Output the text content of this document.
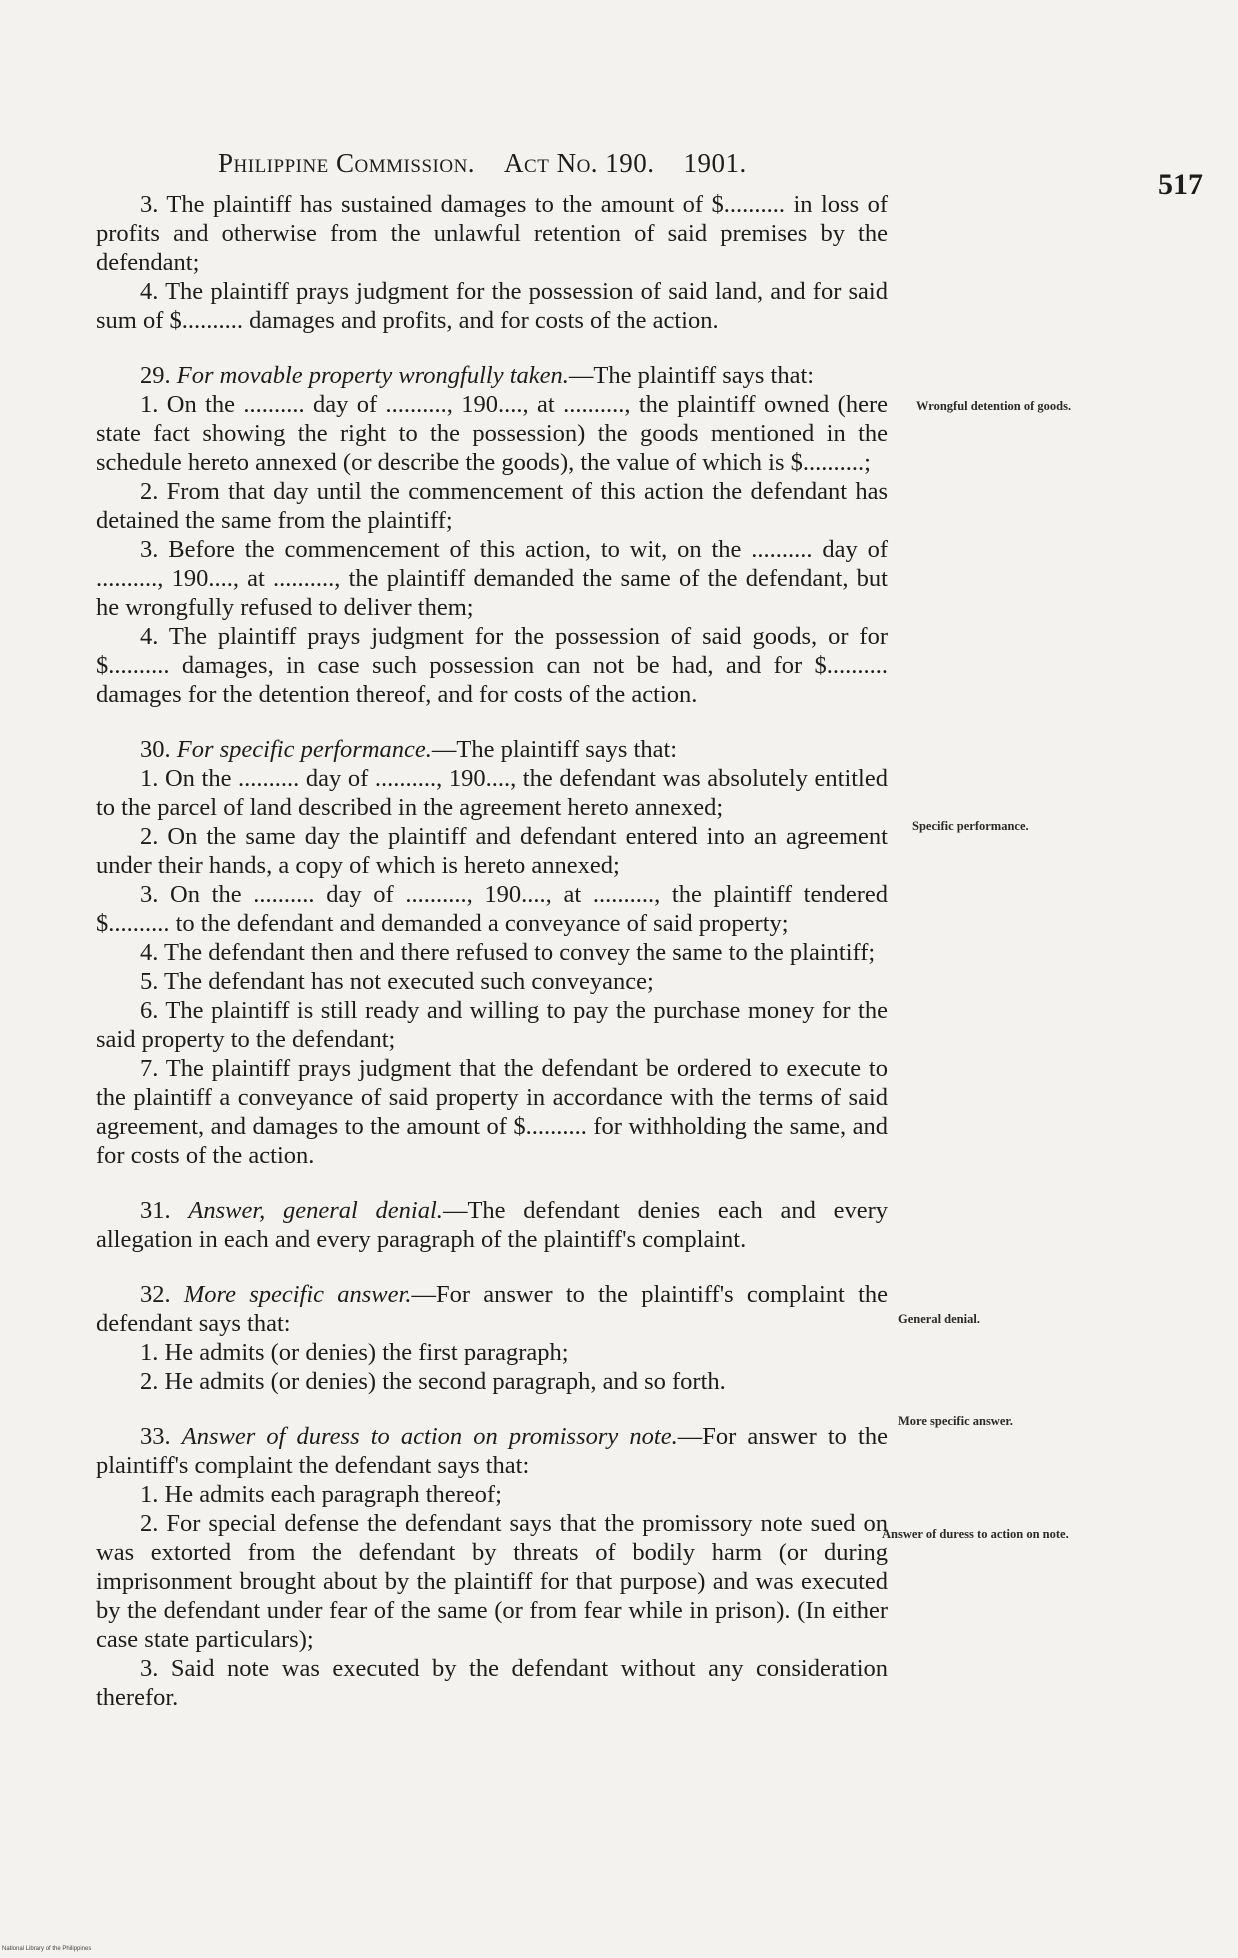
Philippine Commission. Act No. 190. 1901.
517

3. The plaintiff has sustained damages to the amount of $.......... in loss of profits and otherwise from the unlawful retention of said premises by the defendant;

4. The plaintiff prays judgment for the possession of said land, and for said sum of $.......... damages and profits, and for costs of the action.

29. For movable property wrongfully taken.—The plaintiff says that:

1. On the .......... day of .........., 190...., at .........., the plaintiff owned (here state fact showing the right to the possession) the goods mentioned in the schedule hereto annexed (or describe the goods), the value of which is $..........;

2. From that day until the commencement of this action the defendant has detained the same from the plaintiff;

3. Before the commencement of this action, to wit, on the .......... day of .........., 190...., at .........., the plaintiff demanded the same of the defendant, but he wrongfully refused to deliver them;

4. The plaintiff prays judgment for the possession of said goods, or for $.......... damages, in case such possession can not be had, and for $.......... damages for the detention thereof, and for costs of the action.

30. For specific performance.—The plaintiff says that:

1. On the .......... day of .........., 190...., the defendant was absolutely entitled to the parcel of land described in the agreement hereto annexed;

2. On the same day the plaintiff and defendant entered into an agreement under their hands, a copy of which is hereto annexed;

3. On the .......... day of .........., 190...., at .........., the plaintiff tendered $.......... to the defendant and demanded a conveyance of said property;

4. The defendant then and there refused to convey the same to the plaintiff;

5. The defendant has not executed such conveyance;

6. The plaintiff is still ready and willing to pay the purchase money for the said property to the defendant;

7. The plaintiff prays judgment that the defendant be ordered to execute to the plaintiff a conveyance of said property in accordance with the terms of said agreement, and damages to the amount of $.......... for withholding the same, and for costs of the action.

31. Answer, general denial.—The defendant denies each and every allegation in each and every paragraph of the plaintiff's complaint.

32. More specific answer.—For answer to the plaintiff's complaint the defendant says that:

1. He admits (or denies) the first paragraph;

2. He admits (or denies) the second paragraph, and so forth.

33. Answer of duress to action on promissory note.—For answer to the plaintiff's complaint the defendant says that:

1. He admits each paragraph thereof;

2. For special defense the defendant says that the promissory note sued on was extorted from the defendant by threats of bodily harm (or during imprisonment brought about by the plaintiff for that purpose) and was executed by the defendant under fear of the same (or from fear while in prison). (In either case state particulars);

3. Said note was executed by the defendant without any consideration therefor.

Wrongful detention of goods.
Specific performance.
General denial.
More specific answer.
Answer of duress to action on note.
National Library of the Philippines
